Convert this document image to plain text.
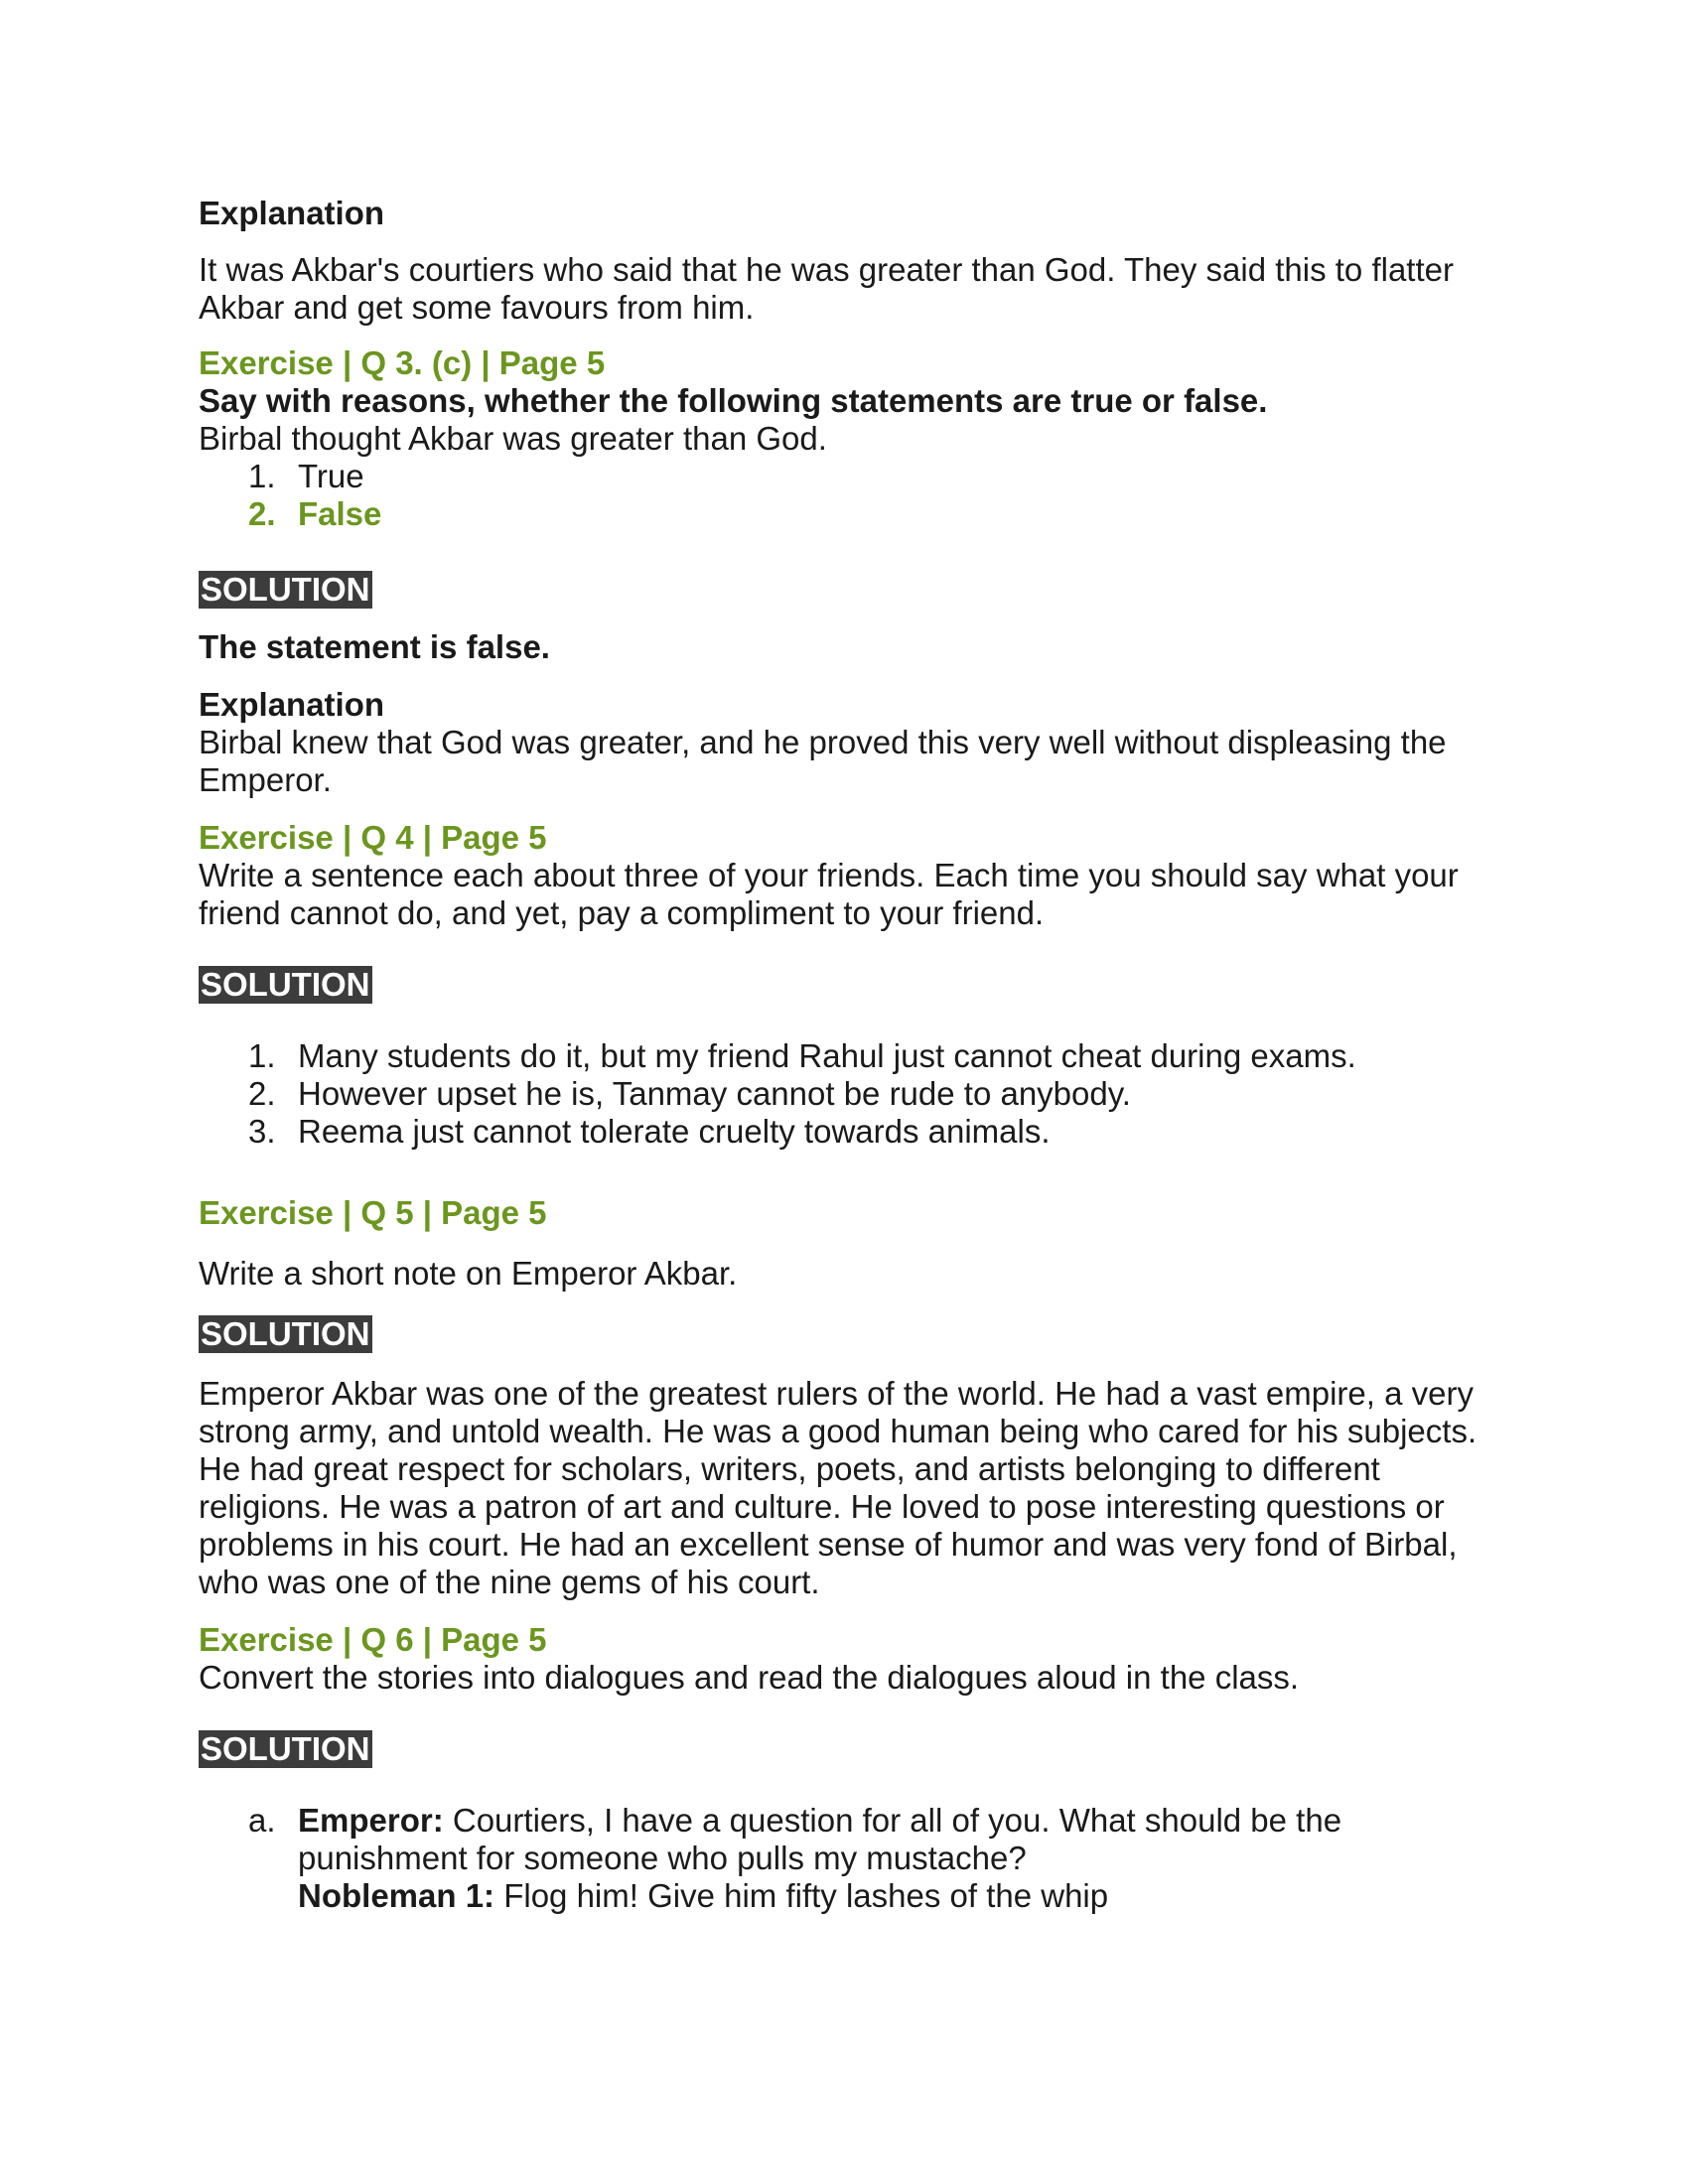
Explanation

It was Akbar's courtiers who said that he was greater than God. They said this to flatter Akbar and get some favours from him.

Exercise | Q 3. (c) | Page 5

Say with reasons, whether the following statements are true or false.

Birbal thought Akbar was greater than God.

1. True
2. False
SOLUTION

The statement is false.

Explanation

Birbal knew that God was greater, and he proved this very well without displeasing the Emperor.

Exercise | Q 4 | Page 5

Write a sentence each about three of your friends. Each time you should say what your friend cannot do, and yet, pay a compliment to your friend.

SOLUTION
1. Many students do it, but my friend Rahul just cannot cheat during exams.
2. However upset he is, Tanmay cannot be rude to anybody.
3. Reema just cannot tolerate cruelty towards animals.

Exercise | Q 5 | Page 5

Write a short note on Emperor Akbar.

SOLUTION

Emperor Akbar was one of the greatest rulers of the world. He had a vast empire, a very strong army, and untold wealth. He was a good human being who cared for his subjects. He had great respect for scholars, writers, poets, and artists belonging to different religions. He was a patron of art and culture. He loved to pose interesting questions or problems in his court. He had an excellent sense of humor and was very fond of Birbal, who was one of the nine gems of his court.

Exercise | Q 6 | Page 5

Convert the stories into dialogues and read the dialogues aloud in the class.

SOLUTION
a. Emperor: Courtiers, I have a question for all of you. What should be the punishment for someone who pulls my mustache?
Nobleman 1: Flog him! Give him fifty lashes of the whip
